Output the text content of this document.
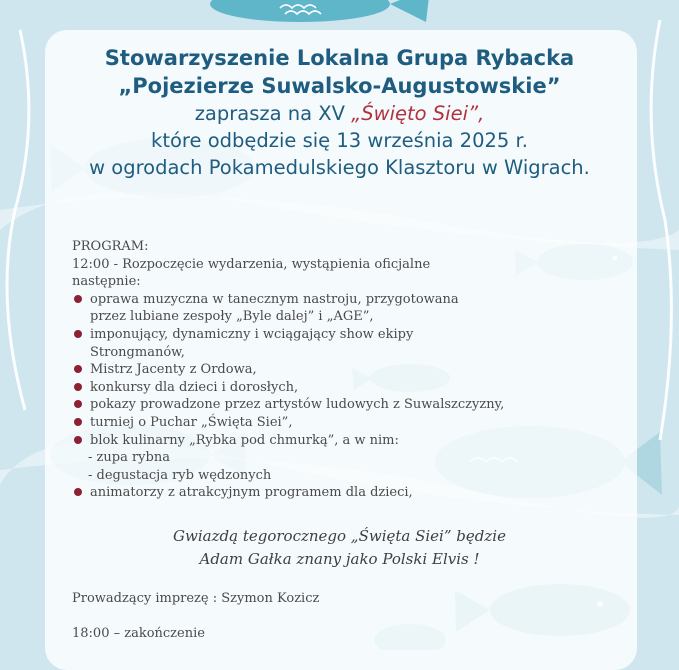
Stowarzyszenie Lokalna Grupa Rybacka
„Pojezierze Suwalsko-Augustowskie”
zaprasza na XV „Święto Siei”,
które odbędzie się 13 września 2025 r.
w ogrodach Pokamedulskiego Klasztoru w Wigrach.

PROGRAM:

12:00 - Rozpoczęcie wydarzenia, wystąpienia oficjalne

następnie:

oprawa muzyczna w tanecznym nastroju, przygotowana

przez lubiane zespoły „Byle dalej” i „AGE”,

imponujący, dynamiczny i wciągający show ekipy

Strongmanów,

Mistrz Jacenty z Ordowa,

konkursy dla dzieci i dorosłych,

pokazy prowadzone przez artystów ludowych z Suwalszczyzny,

turniej o Puchar „Święta Siei”,

blok kulinarny „Rybka pod chmurką”, a w nim:

- zupa rybna

- degustacja ryb wędzonych

animatorzy z atrakcyjnym programem dla dzieci,

Gwiazdą tegorocznego „Święta Siei” będzie
Adam Gałka znany jako Polski Elvis !
Prowadzący imprezę : Szymon Kozicz
18:00 – zakończenie
